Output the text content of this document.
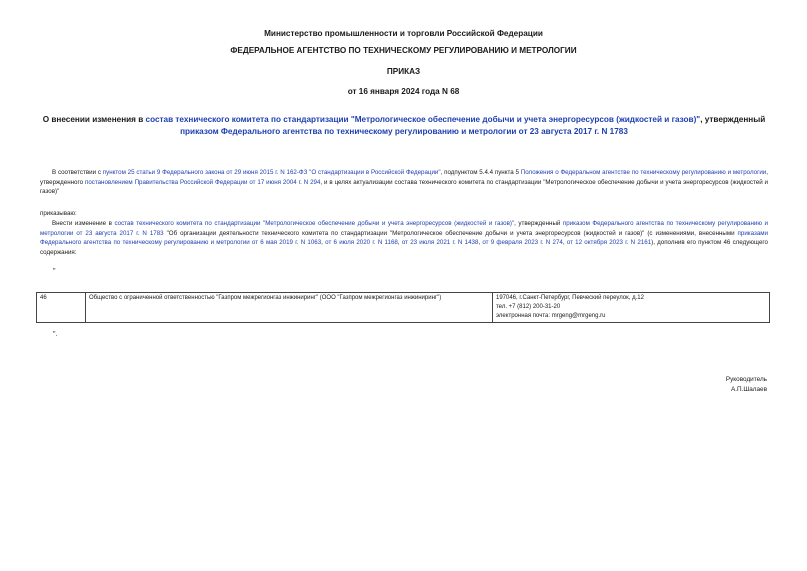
Министерство промышленности и торговли Российской Федерации
ФЕДЕРАЛЬНОЕ АГЕНТСТВО ПО ТЕХНИЧЕСКОМУ РЕГУЛИРОВАНИЮ И МЕТРОЛОГИИ
ПРИКАЗ
от 16 января 2024 года N 68
О внесении изменения в состав технического комитета по стандартизации "Метрологическое обеспечение добычи и учета энергоресурсов (жидкостей и газов)", утвержденный приказом Федерального агентства по техническому регулированию и метрологии от 23 августа 2017 г. N 1783
В соответствии с пунктом 25 статьи 9 Федерального закона от 29 июня 2015 г. N 162-ФЗ "О стандартизации в Российской Федерации", подпунктом 5.4.4 пункта 5 Положения о Федеральном агентстве по техническому регулированию и метрологии, утвержденного постановлением Правительства Российской Федерации от 17 июня 2004 г. N 294, и в целях актуализации состава технического комитета по стандартизации "Метрологическое обеспечение добычи и учета энергоресурсов (жидкостей и газов)"
приказываю:
Внести изменение в состав технического комитета по стандартизации "Метрологическое обеспечение добычи и учета энергоресурсов (жидкостей и газов)", утвержденный приказом Федерального агентства по техническому регулированию и метрологии от 23 августа 2017 г. N 1783 "Об организации деятельности технического комитета по стандартизации "Метрологическое обеспечение добычи и учета энергоресурсов (жидкостей и газов)" (с изменениями, внесенными приказами Федерального агентства по техническому регулированию и метрологии от 6 мая 2019 г. N 1063, от 6 июля 2020 г. N 1168, от 23 июля 2021 г. N 1438, от 9 февраля 2023 г. N 274, от 12 октября 2023 г. N 2161), дополнив его пунктом 46 следующего содержания:
"
46	Общество с ограниченной ответственностью "Газпром межрегионгаз инжиниринг" (ООО "Газпром межрегионгаз инжиниринг")	197046, г.Санкт-Петербург, Певческий переулок, д.12
тел. +7 (812) 200-31-20
электронная почта: mrgeng@mrgeng.ru
".
Руководитель
А.П.Шалаев
